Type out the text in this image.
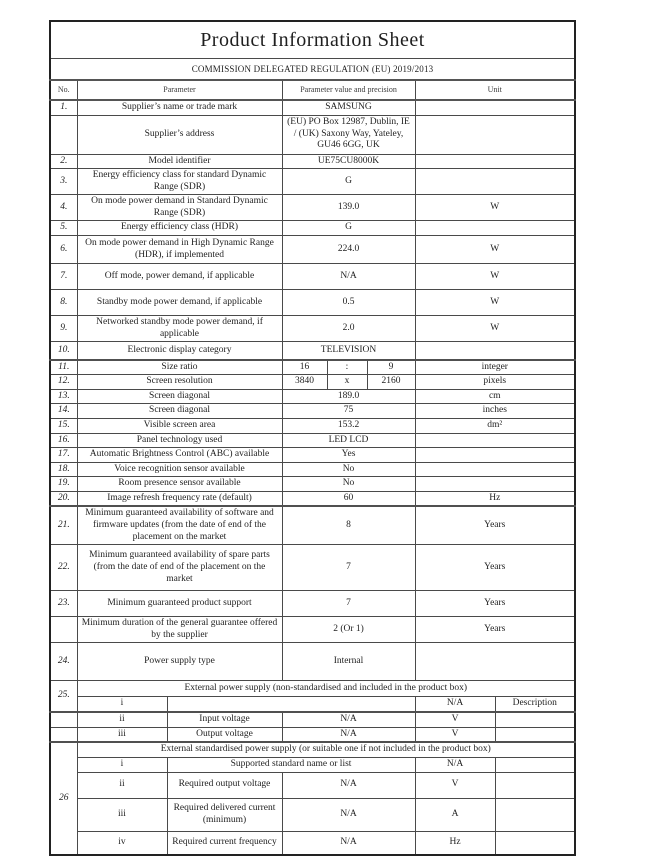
Product Information Sheet							
COMMISSION DELEGATED REGULATION (EU) 2019/2013							
No.	Parameter		Parameter value and precision			Unit	
1.	Supplier’s name or trade mark		SAMSUNG				
	Supplier’s address		(EU) PO Box 12987, Dublin, IE / (UK) Saxony Way, Yateley, GU46 6GG, UK				
2.	Model identifier		UE75CU8000K				
3.	Energy efficiency class for standard Dynamic Range (SDR)		G				
4.	On mode power demand in Standard Dynamic Range (SDR)		139.0			W	
5.	Energy efficiency class (HDR)		G				
6.	On mode power demand in High Dynamic Range (HDR), if implemented		224.0			W	
7.	Off mode, power demand, if applicable		N/A			W	
8.	Standby mode power demand, if applicable		0.5			W	
9.	Networked standby mode power demand, if applicable		2.0			W	
10.	Electronic display category		TELEVISION				
11.	Size ratio		16	:	9	integer	
12.	Screen resolution		3840	x	2160	pixels	
13.	Screen diagonal		189.0			cm	
14.	Screen diagonal		75			inches	
15.	Visible screen area		153.2			dm²	
16.	Panel technology used		LED LCD				
17.	Automatic Brightness Control (ABC) available		Yes				
18.	Voice recognition sensor available		No				
19.	Room presence sensor available		No				
20.	Image refresh frequency rate (default)		60			Hz	
21.	Minimum guaranteed availability of software and firmware updates (from the date of end of the placement on the market		8			Years	
22.	Minimum guaranteed availability of spare parts (from the date of end of the placement on the market		7			Years	
23.	Minimum guaranteed product support		7			Years	
	Minimum duration of the general guarantee offered by the supplier		2 (Or 1)			Years	
24.	Power supply type		Internal				
25.	External power supply (non-standardised and included in the product box)						
	i					N/A	Description
	ii	Input voltage	N/A			V	
	iii	Output voltage	N/A			V	
26	External standardised power supply (or suitable one if not included in the product box)						
	i	Supported standard name or list				N/A	
	ii	Required output voltage	N/A			V	
	iii	Required delivered current (minimum)	N/A			A	
	iv	Required current frequency	N/A			Hz	
